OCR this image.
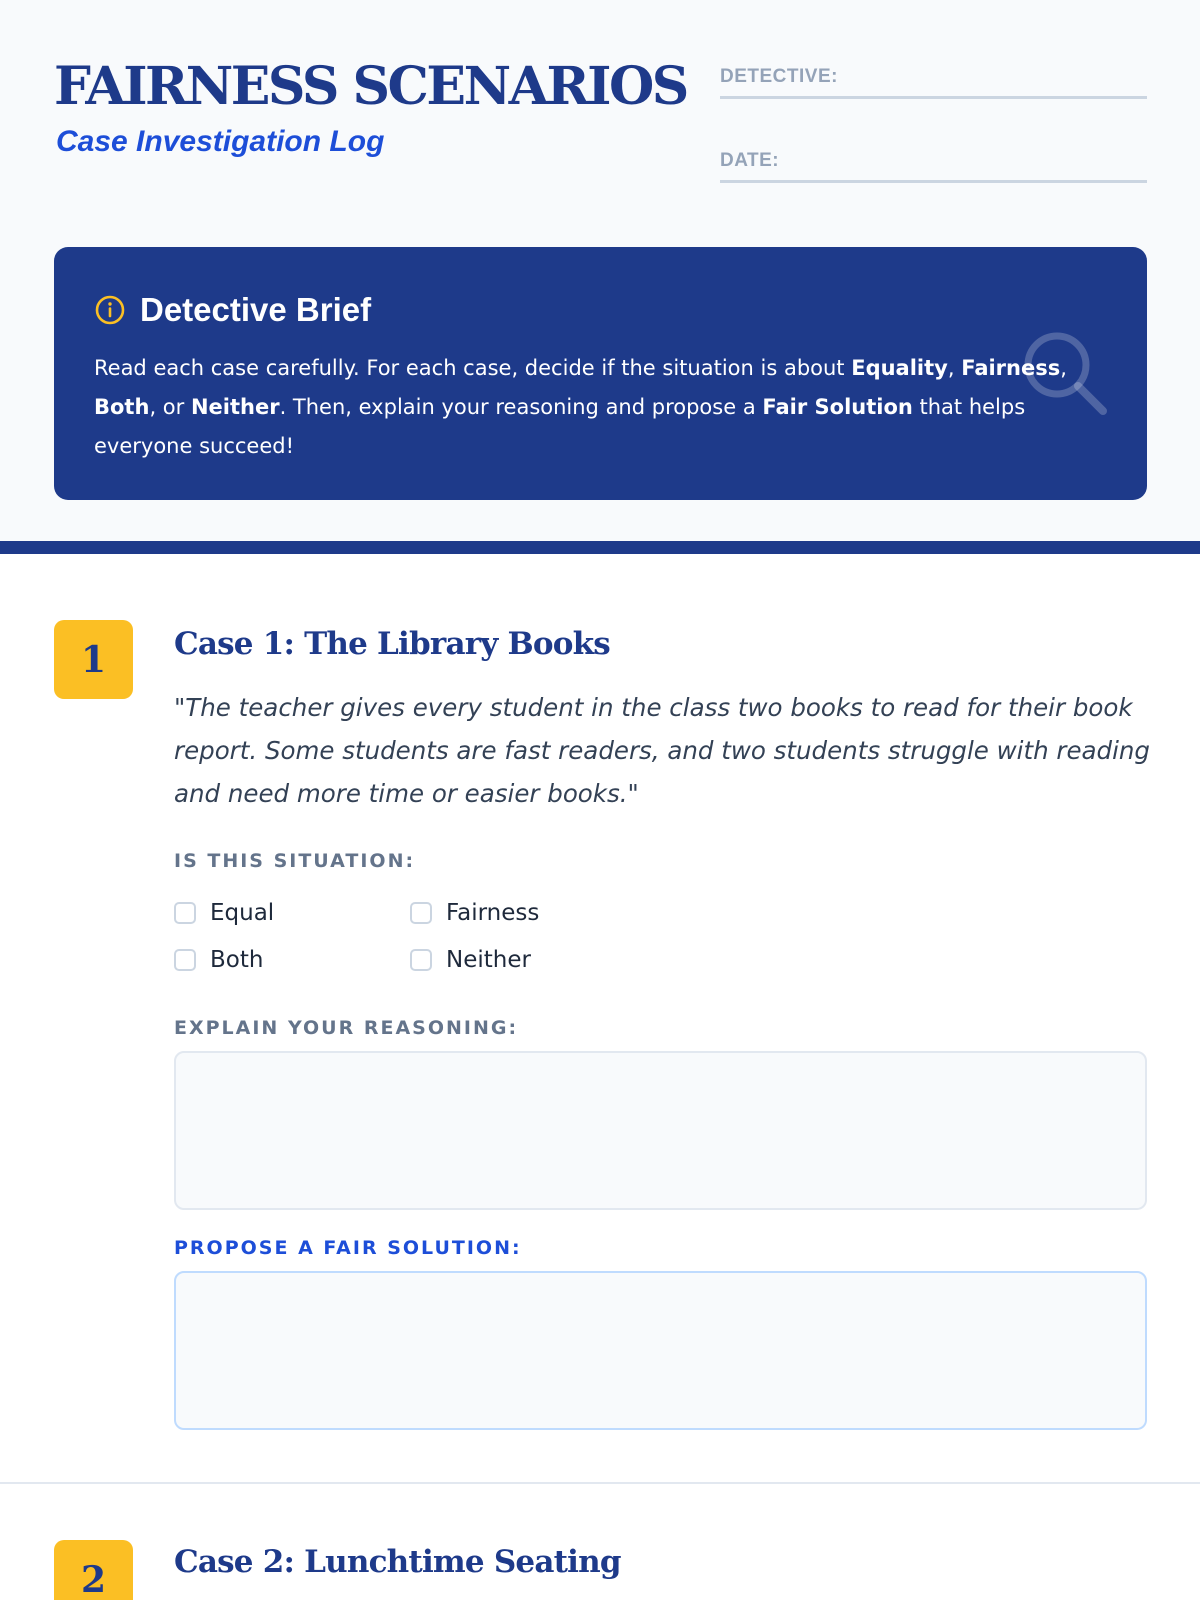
FAIRNESS SCENARIOS
Case Investigation Log
DETECTIVE:
DATE:
Detective Brief
Read each case carefully. For each case, decide if the situation is about Equality, Fairness, Both, or Neither. Then, explain your reasoning and propose a Fair Solution that helps everyone succeed!
1	Case 1: The Library Books

"The teacher gives every student in the class two books to read for their book report. Some students are fast readers, and two students struggle with reading and need more time or easier books."

IS THIS SITUATION:
Equal	Fairness
Both	Neither
EXPLAIN YOUR REASONING:
PROPOSE A FAIR SOLUTION:
2	Case 2: Lunchtime Seating
